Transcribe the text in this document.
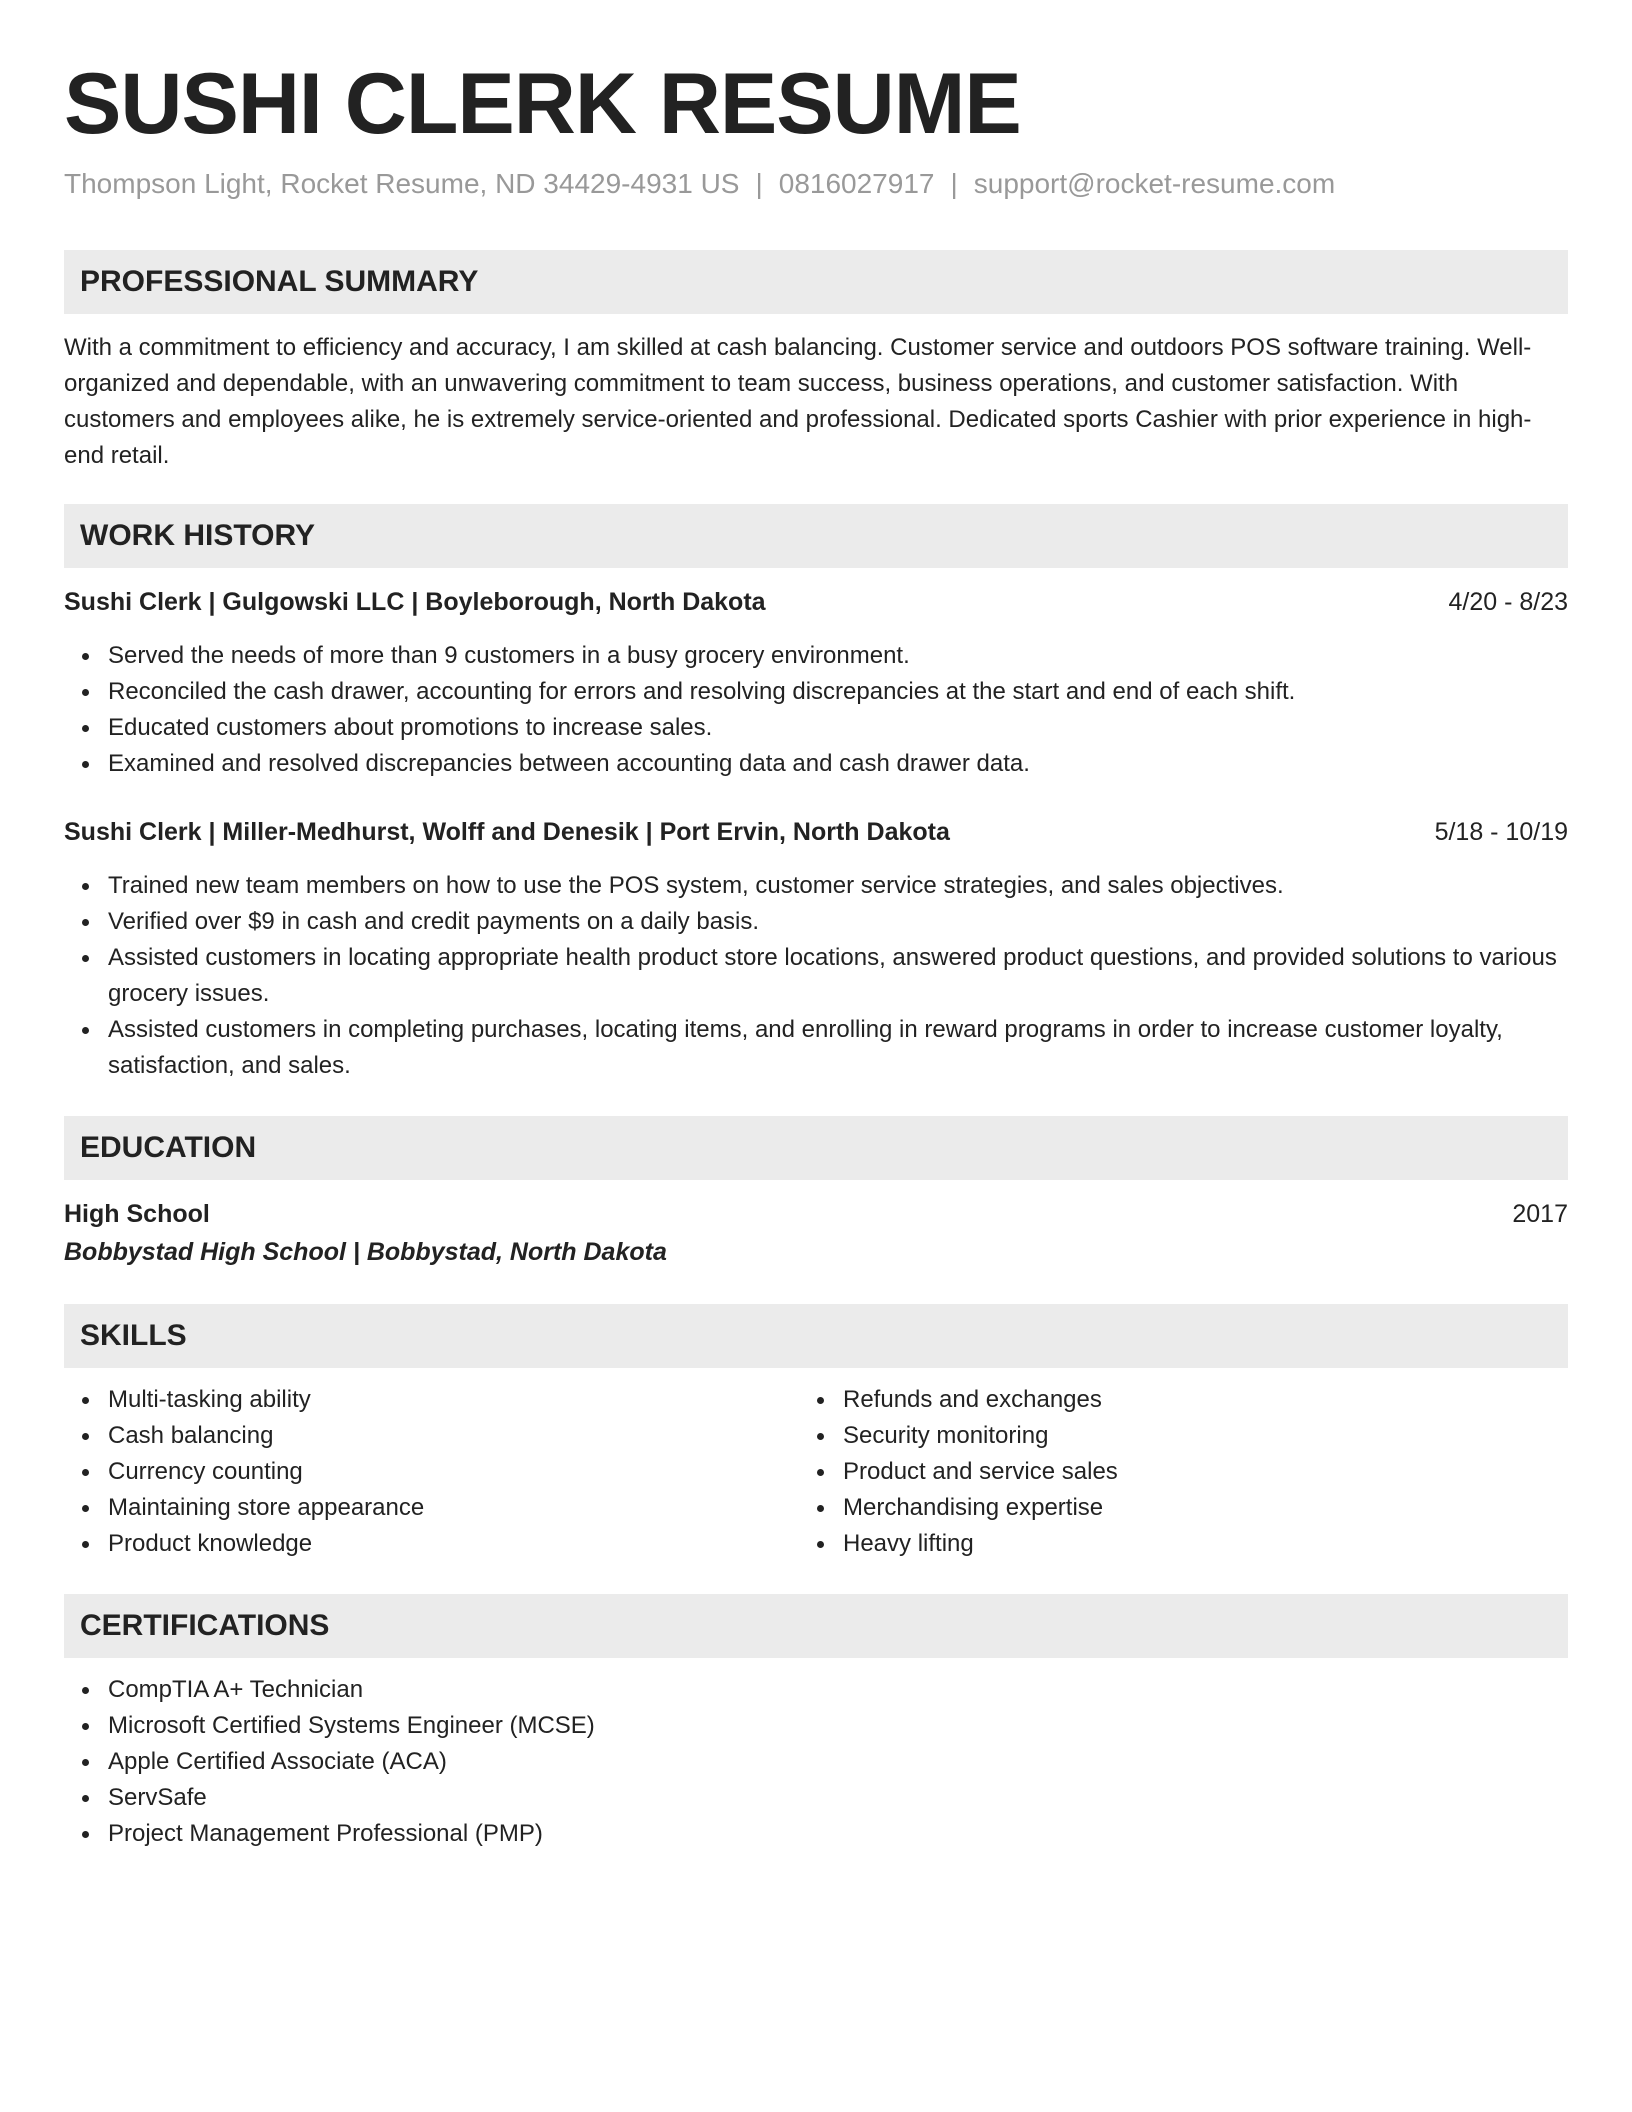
SUSHI CLERK RESUME
Thompson Light, Rocket Resume, ND 34429-4931 US | 0816027917 | support@rocket-resume.com
PROFESSIONAL SUMMARY

With a commitment to efficiency and accuracy, I am skilled at cash balancing. Customer service and outdoors POS software training. Well-organized and dependable, with an unwavering commitment to team success, business operations, and customer satisfaction. With customers and employees alike, he is extremely service-oriented and professional. Dedicated sports Cashier with prior experience in high-end retail.

WORK HISTORY
Sushi Clerk | Gulgowski LLC | Boyleborough, North Dakota	4/20 - 8/23
Served the needs of more than 9 customers in a busy grocery environment.
Reconciled the cash drawer, accounting for errors and resolving discrepancies at the start and end of each shift.
Educated customers about promotions to increase sales.
Examined and resolved discrepancies between accounting data and cash drawer data.
Sushi Clerk | Miller-Medhurst, Wolff and Denesik | Port Ervin, North Dakota	5/18 - 10/19
Trained new team members on how to use the POS system, customer service strategies, and sales objectives.
Verified over $9 in cash and credit payments on a daily basis.
Assisted customers in locating appropriate health product store locations, answered product questions, and provided solutions to various grocery issues.
Assisted customers in completing purchases, locating items, and enrolling in reward programs in order to increase customer loyalty, satisfaction, and sales.
EDUCATION
High School	2017
Bobbystad High School | Bobbystad, North Dakota
SKILLS
Multi-tasking ability
Cash balancing
Currency counting
Maintaining store appearance
Product knowledge
Refunds and exchanges
Security monitoring
Product and service sales
Merchandising expertise
Heavy lifting
CERTIFICATIONS
CompTIA A+ Technician
Microsoft Certified Systems Engineer (MCSE)
Apple Certified Associate (ACA)
ServSafe
Project Management Professional (PMP)
